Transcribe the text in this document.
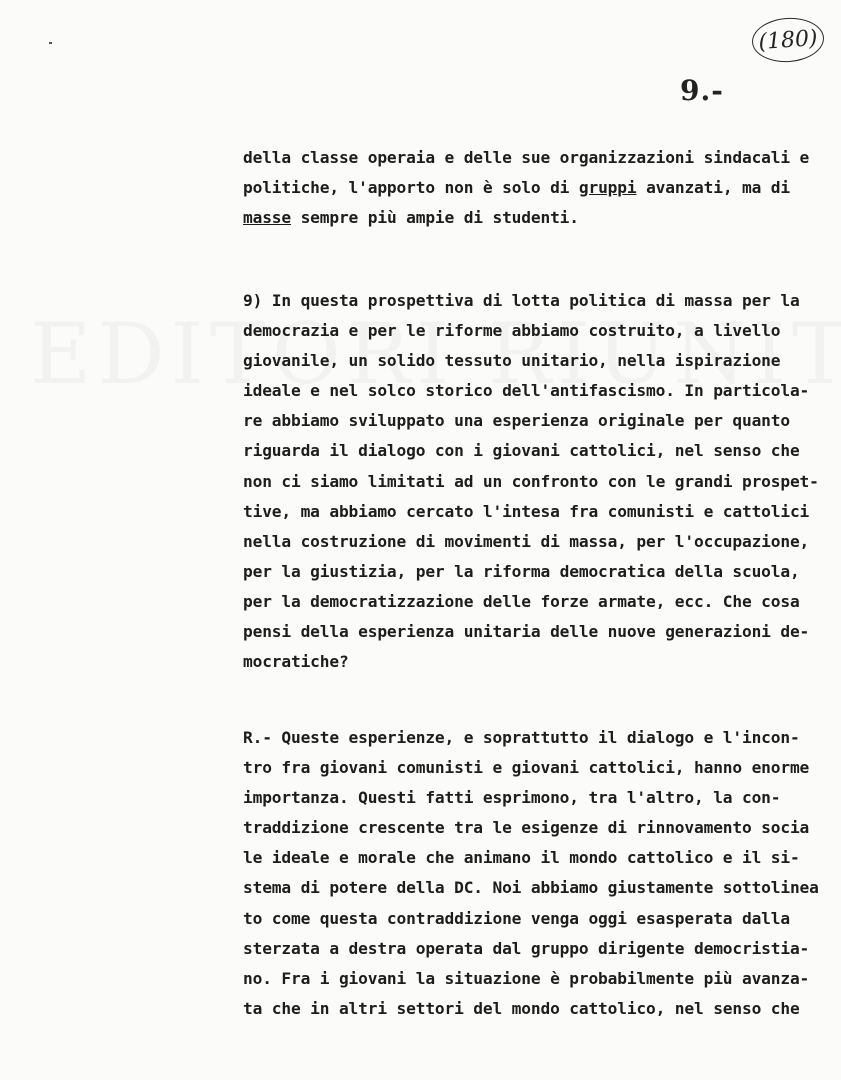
(180)
9.-
della classe operaia e delle sue organizzazioni sindacali e
politiche, l'apporto non è solo di gruppi avanzati, ma di
masse sempre più ampie di studenti.
9) In questa prospettiva di lotta politica di massa per la
democrazia e per le riforme abbiamo costruito, a livello
giovanile, un solido tessuto unitario, nella ispirazione
ideale e nel solco storico dell'antifascismo. In particola-
re abbiamo sviluppato una esperienza originale per quanto
riguarda il dialogo con i giovani cattolici, nel senso che
non ci siamo limitati ad un confronto con le grandi prospet-
tive, ma abbiamo cercato l'intesa fra comunisti e cattolici
nella costruzione di movimenti di massa, per l'occupazione,
per la giustizia, per la riforma democratica della scuola,
per la democratizzazione delle forze armate, ecc. Che cosa
pensi della esperienza unitaria delle nuove generazioni de-
mocratiche?
R.- Queste esperienze, e soprattutto il dialogo e l'incon-
tro fra giovani comunisti e giovani cattolici, hanno enorme
importanza. Questi fatti esprimono, tra l'altro, la con-
traddizione crescente tra le esigenze di rinnovamento socia
le ideale e morale che animano il mondo cattolico e il si-
stema di potere della DC. Noi abbiamo giustamente sottolinea
to come questa contraddizione venga oggi esasperata dalla
sterzata a destra operata dal gruppo dirigente democristia-
no. Fra i giovani la situazione è probabilmente più avanza-
ta che in altri settori del mondo cattolico, nel senso che
